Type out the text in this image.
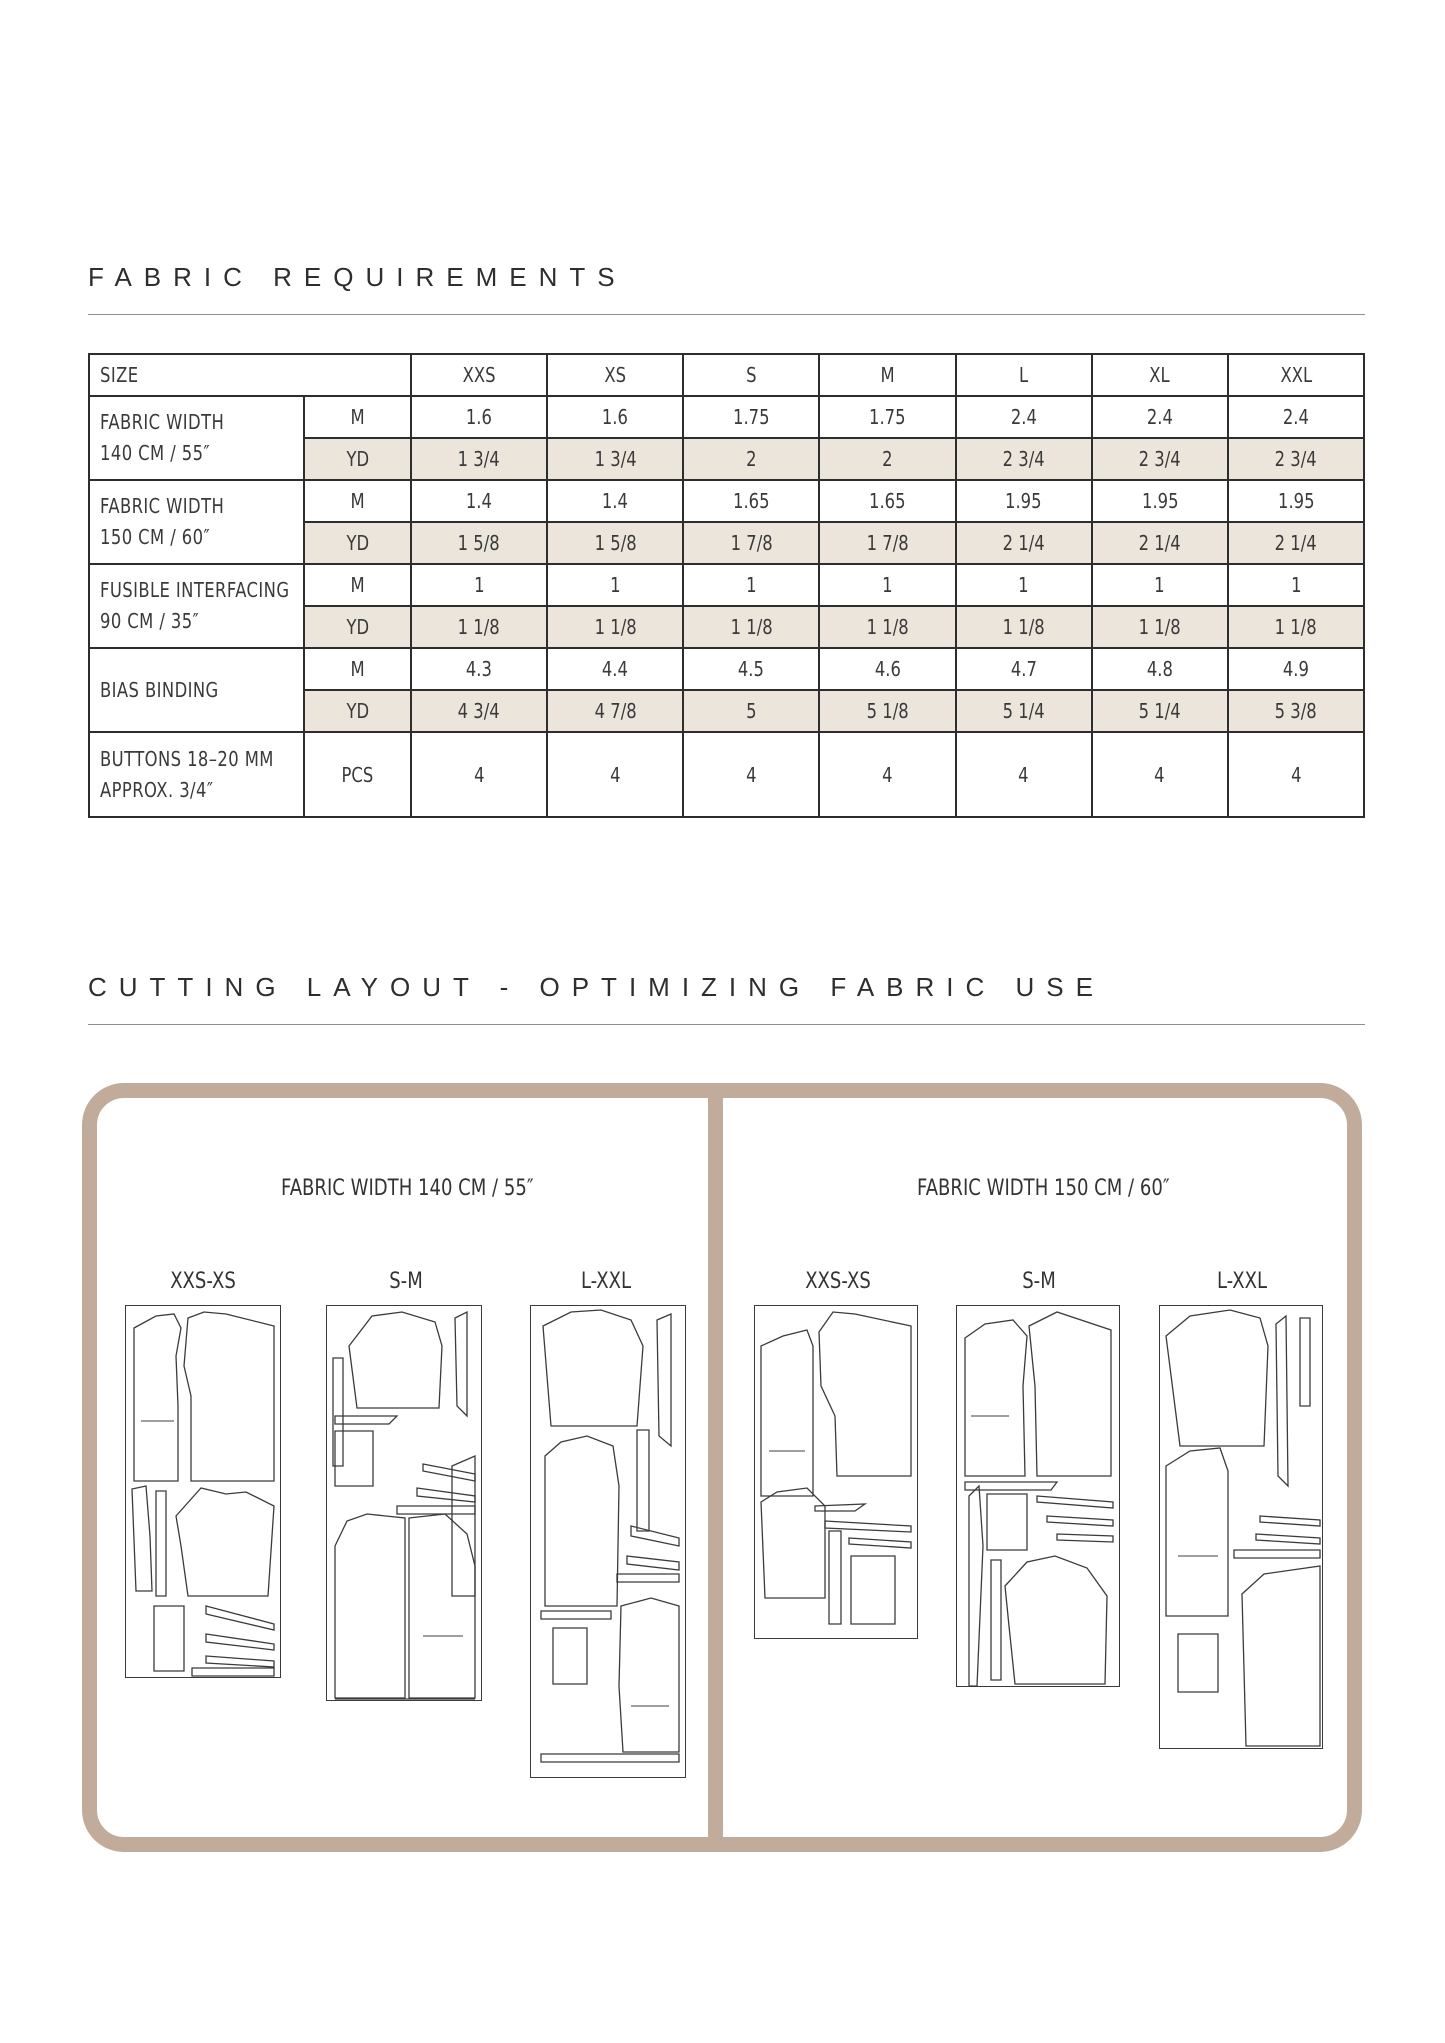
FABRIC REQUIREMENTS
SIZE		XXS	XS	S	M	L	XL	XXL
FABRIC WIDTH
140 CM / 55″	M	1.6	1.6	1.75	1.75	2.4	2.4	2.4
	YD	1 3/4	1 3/4	2	2	2 3/4	2 3/4	2 3/4
FABRIC WIDTH
150 CM / 60″	M	1.4	1.4	1.65	1.65	1.95	1.95	1.95
	YD	1 5/8	1 5/8	1 7/8	1 7/8	2 1/4	2 1/4	2 1/4
FUSIBLE INTERFACING
90 CM / 35″	M	1	1	1	1	1	1	1
	YD	1 1/8	1 1/8	1 1/8	1 1/8	1 1/8	1 1/8	1 1/8
BIAS BINDING	M	4.3	4.4	4.5	4.6	4.7	4.8	4.9
	YD	4 3/4	4 7/8	5	5 1/8	5 1/4	5 1/4	5 3/8
BUTTONS 18–20 MM
APPROX. 3/4″	PCS	4	4	4	4	4	4	4
CUTTING LAYOUT - OPTIMIZING FABRIC USE
FABRIC WIDTH 140 CM / 55″
XXS-XS	S-M	L-XXL
FABRIC WIDTH 150 CM / 60″
XXS-XS	S-M	L-XXL
